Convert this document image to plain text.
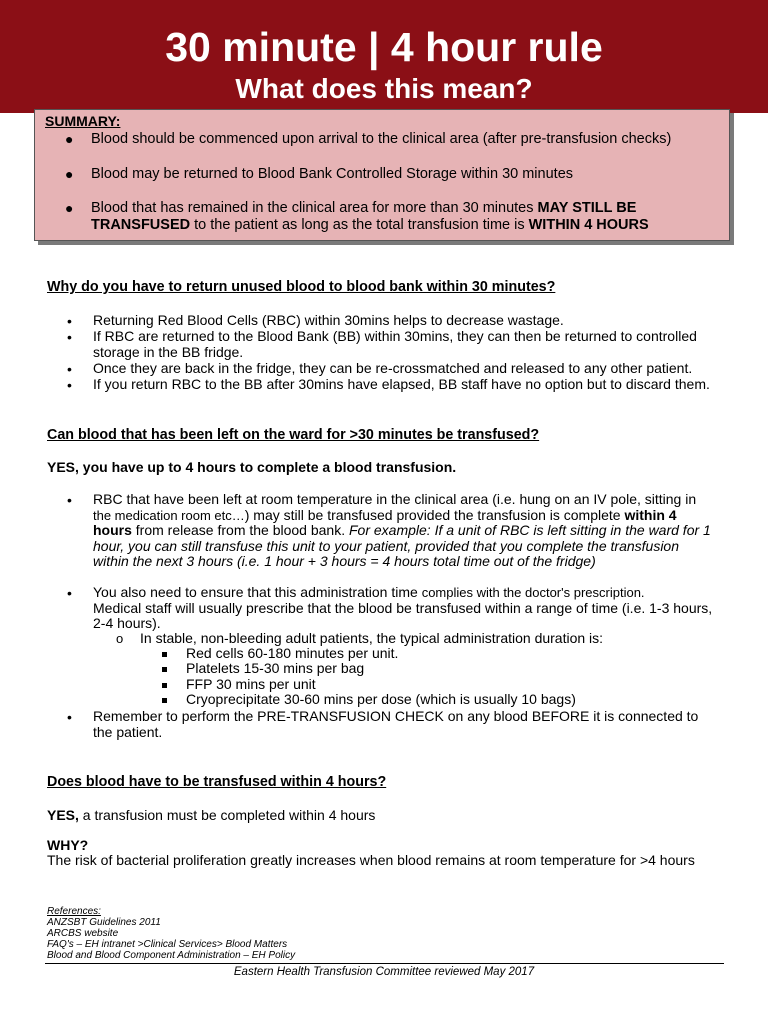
30 minute | 4 hour rule
What does this mean?
SUMMARY:
● Blood should be commenced upon arrival to the clinical area (after pre-transfusion checks)
● Blood may be returned to Blood Bank Controlled Storage within 30 minutes
● Blood that has remained in the clinical area for more than 30 minutes MAY STILL BE
TRANSFUSED to the patient as long as the total transfusion time is WITHIN 4 HOURS
Why do you have to return unused blood to blood bank within 30 minutes?
• Returning Red Blood Cells (RBC) within 30mins helps to decrease wastage.
• If RBC are returned to the Blood Bank (BB) within 30mins, they can then be returned to controlled
storage in the BB fridge.
• Once they are back in the fridge, they can be re-crossmatched and released to any other patient.
• If you return RBC to the BB after 30mins have elapsed, BB staff have no option but to discard them.
Can blood that has been left on the ward for >30 minutes be transfused?
YES, you have up to 4 hours to complete a blood transfusion.
• RBC that have been left at room temperature in the clinical area (i.e. hung on an IV pole, sitting in
the medication room etc…) may still be transfused provided the transfusion is complete within 4
hours from release from the blood bank. For example: If a unit of RBC is left sitting in the ward for 1
hour, you can still transfuse this unit to your patient, provided that you complete the transfusion
within the next 3 hours (i.e. 1 hour + 3 hours = 4 hours total time out of the fridge)
• You also need to ensure that this administration time complies with the doctor's prescription.
Medical staff will usually prescribe that the blood be transfused within a range of time (i.e. 1-3 hours,
2-4 hours).
o In stable, non-bleeding adult patients, the typical administration duration is:
Red cells 60-180 minutes per unit.
Platelets 15-30 mins per bag
FFP 30 mins per unit
Cryoprecipitate 30-60 mins per dose (which is usually 10 bags)
• Remember to perform the PRE-TRANSFUSION CHECK on any blood BEFORE it is connected to
the patient.
Does blood have to be transfused within 4 hours?
YES, a transfusion must be completed within 4 hours
WHY?
The risk of bacterial proliferation greatly increases when blood remains at room temperature for >4 hours
References:
ANZSBT Guidelines 2011
ARCBS website
FAQ's – EH intranet >Clinical Services> Blood Matters
Blood and Blood Component Administration – EH Policy
Eastern Health Transfusion Committee reviewed May 2017
